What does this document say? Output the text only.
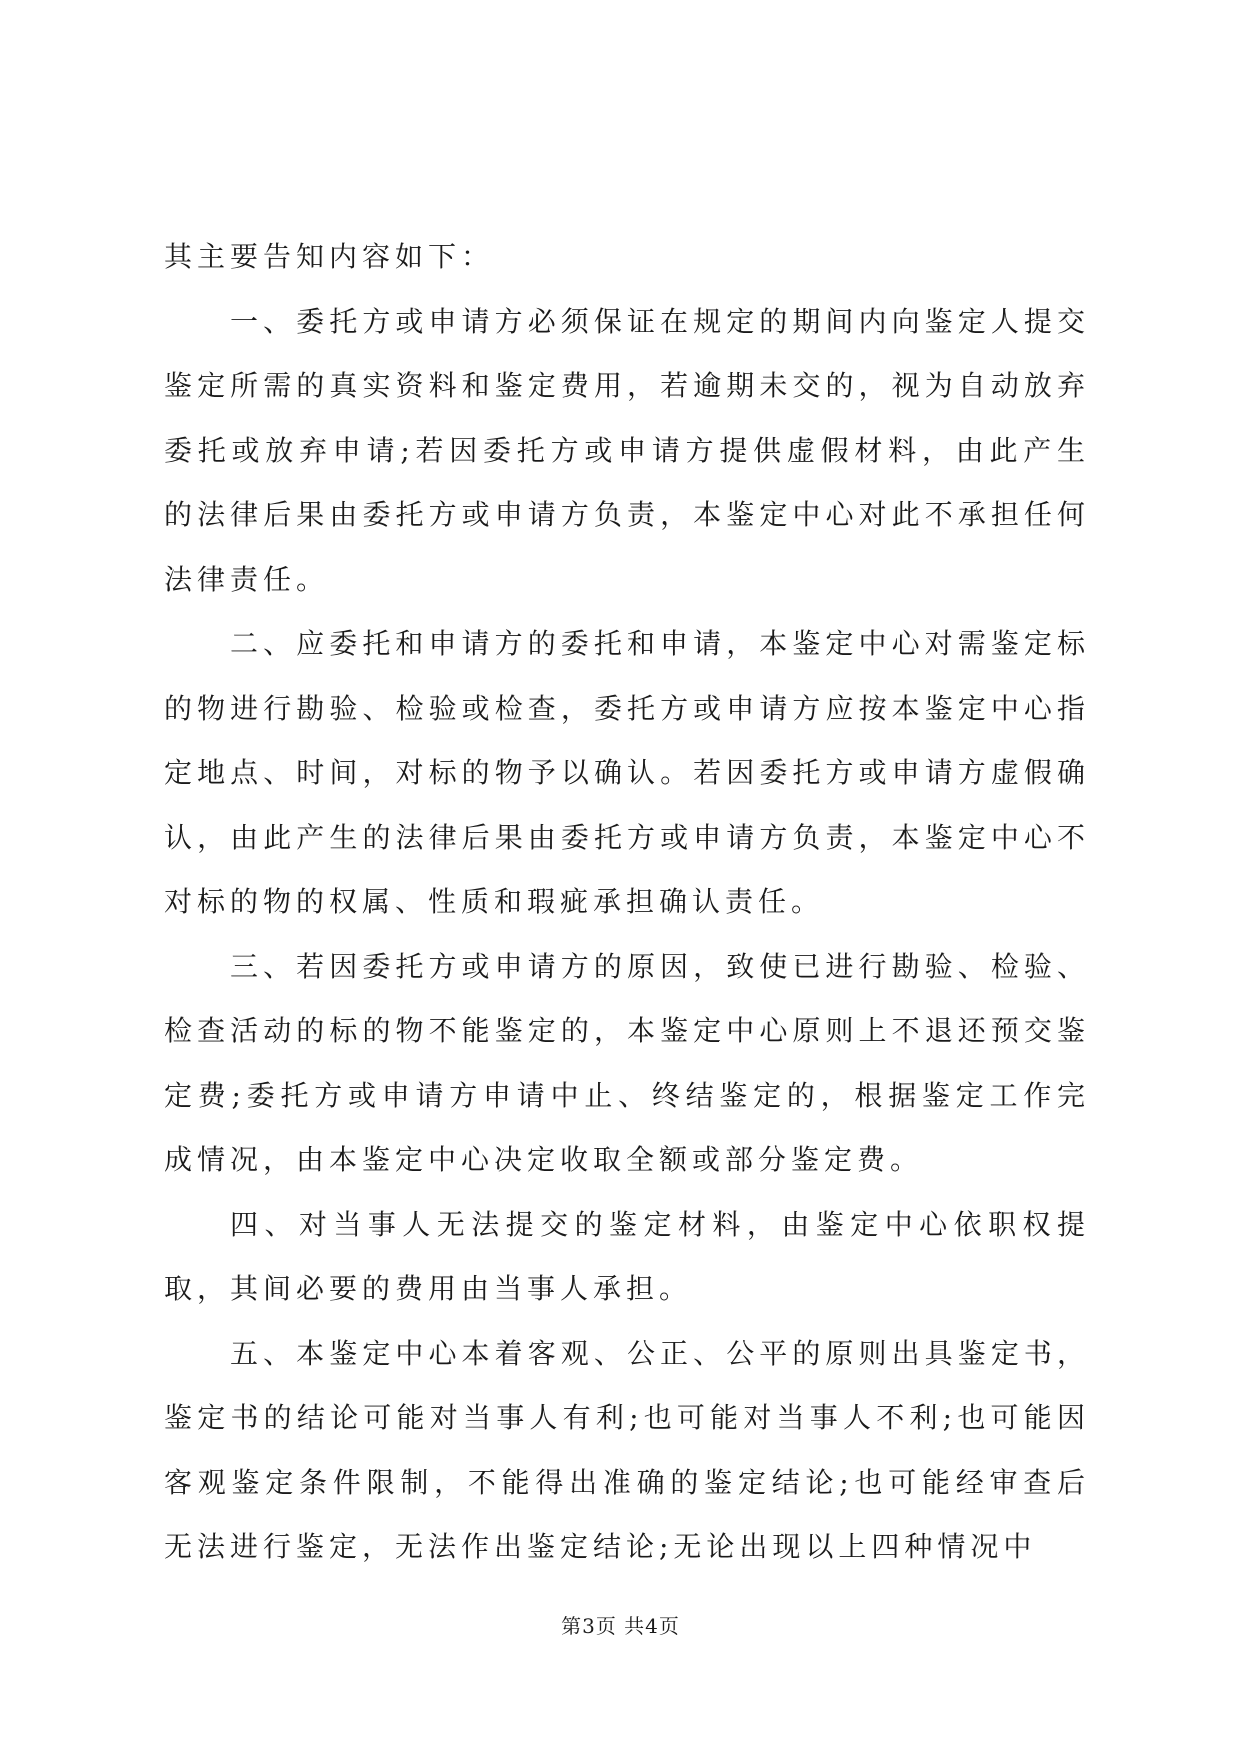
其主要告知内容如下：

一、委托方或申请方必须保证在规定的期间内向鉴定人提交鉴定所需的真实资料和鉴定费用，若逾期未交的，视为自动放弃委托或放弃申请;若因委托方或申请方提供虚假材料，由此产生的法律后果由委托方或申请方负责，本鉴定中心对此不承担任何法律责任。

二、应委托和申请方的委托和申请，本鉴定中心对需鉴定标的物进行勘验、检验或检查，委托方或申请方应按本鉴定中心指定地点、时间，对标的物予以确认。若因委托方或申请方虚假确认，由此产生的法律后果由委托方或申请方负责，本鉴定中心不对标的物的权属、性质和瑕疵承担确认责任。

三、若因委托方或申请方的原因，致使已进行勘验、检验、检查活动的标的物不能鉴定的，本鉴定中心原则上不退还预交鉴定费;委托方或申请方申请中止、终结鉴定的，根据鉴定工作完成情况，由本鉴定中心决定收取全额或部分鉴定费。

四、对当事人无法提交的鉴定材料，由鉴定中心依职权提取，其间必要的费用由当事人承担。

五、本鉴定中心本着客观、公正、公平的原则出具鉴定书，鉴定书的结论可能对当事人有利;也可能对当事人不利;也可能因客观鉴定条件限制，不能得出准确的鉴定结论;也可能经审查后无法进行鉴定，无法作出鉴定结论;无论出现以上四种情况中

第3页 共4页
